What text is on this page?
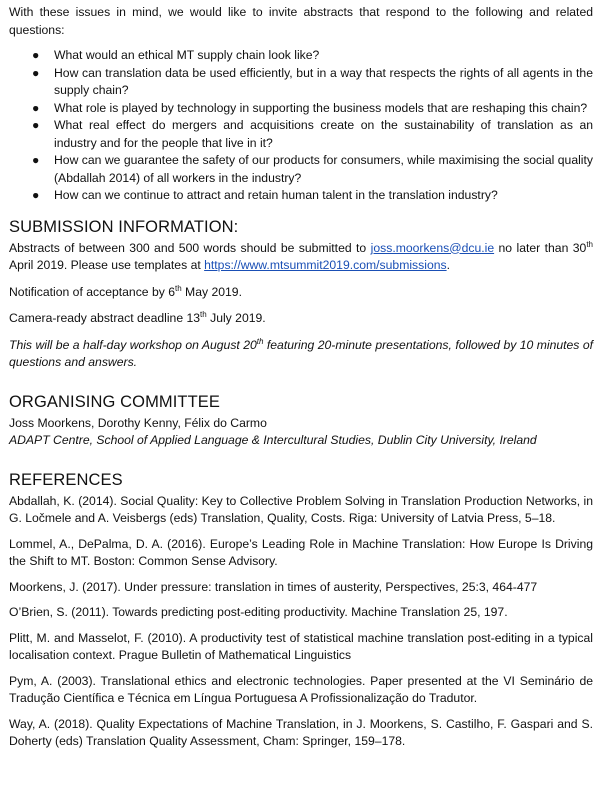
With these issues in mind, we would like to invite abstracts that respond to the following and related questions:

● What would an ethical MT supply chain look like?
● How can translation data be used efficiently, but in a way that respects the rights of all agents in the supply chain?
● What role is played by technology in supporting the business models that are reshaping this chain?
● What real effect do mergers and acquisitions create on the sustainability of translation as an industry and for the people that live in it?
● How can we guarantee the safety of our products for consumers, while maximising the social quality (Abdallah 2014) of all workers in the industry?
● How can we continue to attract and retain human talent in the translation industry?
SUBMISSION INFORMATION:

Abstracts of between 300 and 500 words should be submitted to joss.moorkens@dcu.ie no later than 30th April 2019. Please use templates at https://www.mtsummit2019.com/submissions.

Notification of acceptance by 6th May 2019.

Camera-ready abstract deadline 13th July 2019.

This will be a half-day workshop on August 20th featuring 20-minute presentations, followed by 10 minutes of questions and answers.

ORGANISING COMMITTEE

Joss Moorkens, Dorothy Kenny, Félix do Carmo

ADAPT Centre, School of Applied Language & Intercultural Studies, Dublin City University, Ireland

REFERENCES

Abdallah, K. (2014). Social Quality: Key to Collective Problem Solving in Translation Production Networks, in G. Ločmele and A. Veisbergs (eds) Translation, Quality, Costs. Riga: University of Latvia Press, 5–18.

Lommel, A., DePalma, D. A. (2016). Europe’s Leading Role in Machine Translation: How Europe Is Driving the Shift to MT. Boston: Common Sense Advisory.

Moorkens, J. (2017). Under pressure: translation in times of austerity, Perspectives, 25:3, 464-477

O’Brien, S. (2011). Towards predicting post-editing productivity. Machine Translation 25, 197.

Plitt, M. and Masselot, F. (2010). A productivity test of statistical machine translation post-editing in a typical localisation context. Prague Bulletin of Mathematical Linguistics

Pym, A. (2003). Translational ethics and electronic technologies. Paper presented at the VI Seminário de Tradução Científica e Técnica em Língua Portuguesa A Profissionalização do Tradutor.

Way, A. (2018). Quality Expectations of Machine Translation, in J. Moorkens, S. Castilho, F. Gaspari and S. Doherty (eds) Translation Quality Assessment, Cham: Springer, 159–178.
